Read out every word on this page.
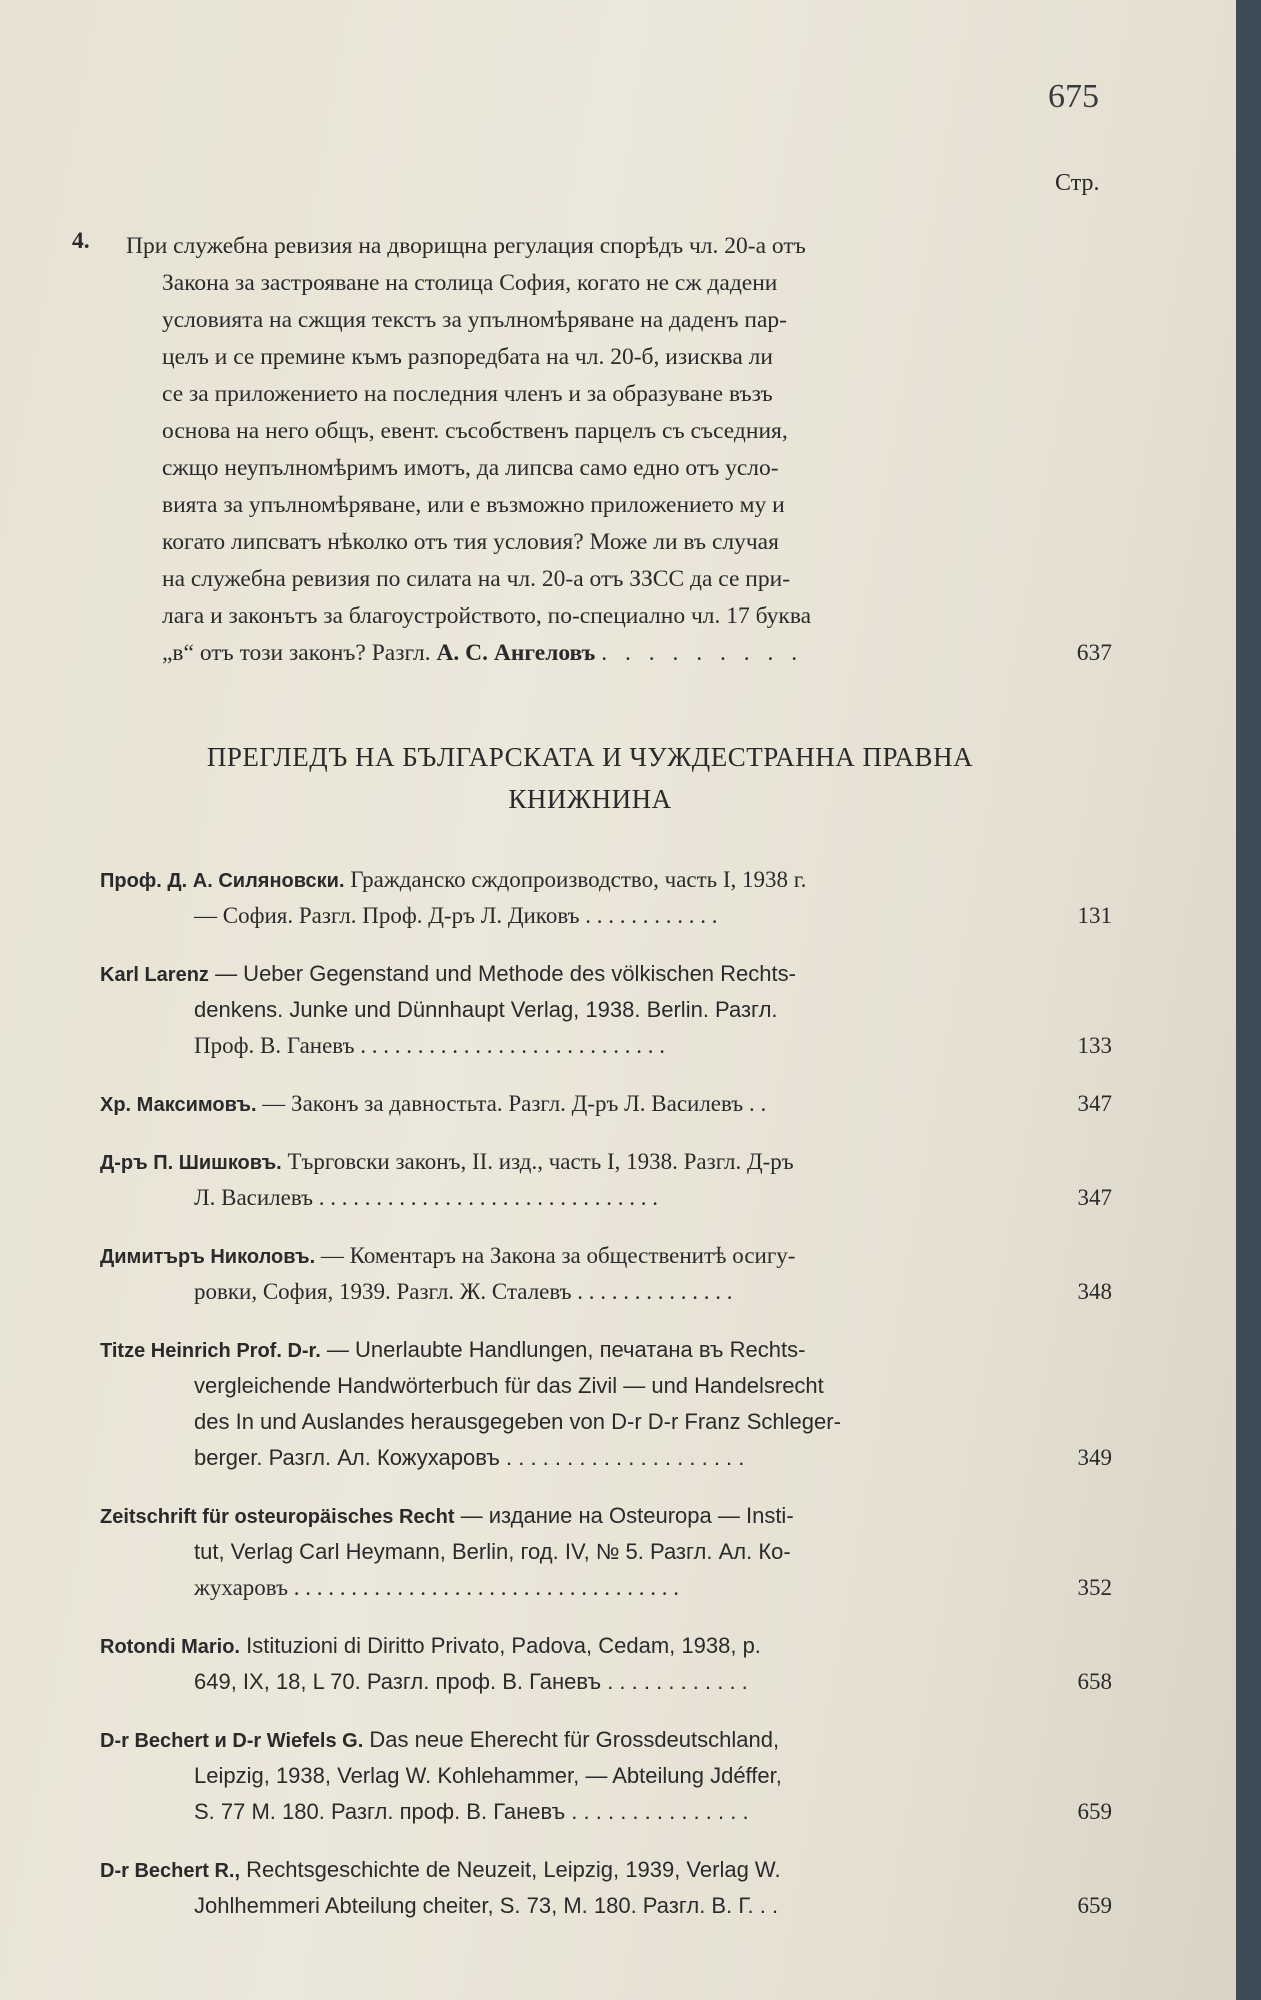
675
Стр.
4. При служебна ревизия на дворищна регулация спорѣдъ чл. 20-а отъ
Закона за застрояване на столица София, когато не сж дадени
условията на сжщия текстъ за упълномѣряване на даденъ пар-
целъ и се премине къмъ разпоредбата на чл. 20-б, изисква ли
се за приложението на последния членъ и за образуване възъ
основа на него общъ, евент. съсобственъ парцелъ съ съседния,
сжщо неупълномѣримъ имотъ, да липсва само едно отъ усло-
вията за упълномѣряване, или е възможно приложението му и
когато липсватъ нѣколко отъ тия условия? Може ли въ случая
на служебна ревизия по силата на чл. 20-а отъ ЗЗСС да се при-
лага и законътъ за благоустройството, по-специално чл. 17 буква
„в“ отъ този законъ? Разгл. А. С. Ангеловъ . . . . . . . . .	637
ПРЕГЛЕДЪ НА БЪЛГАРСКАТА И ЧУЖДЕСТРАННА ПРАВНА
КНИЖНИНА
Проф. Д. А. Силяновски. Гражданско сждопроизводство, часть I, 1938 г.
— София. Разгл. Проф. Д-ръ Л. Диковъ . . . . . . . . . . . .	131
Karl Larenz — Ueber Gegenstand und Methode des völkischen Rechts-
denkens. Junke und Dünnhaupt Verlag, 1938. Berlin. Разгл.
Проф. В. Ганевъ . . . . . . . . . . . . . . . . . . . . . . . . . . .	133
Хр. Максимовъ. — Законъ за давностьта. Разгл. Д-ръ Л. Василевъ . .	347
Д-ръ П. Шишковъ. Търговски законъ, II. изд., часть I, 1938. Разгл. Д-ръ
Л. Василевъ . . . . . . . . . . . . . . . . . . . . . . . . . . . . . .	347
Димитъръ Николовъ. — Коментаръ на Закона за общественитѣ осигу-
ровки, София, 1939. Разгл. Ж. Сталевъ . . . . . . . . . . . . . .	348
Titze Heinrich Prof. D-r. — Unerlaubte Handlungen, печатана въ Rechts-
vergleichende Handwörterbuch für das Zivil — und Handelsrecht
des In und Auslandes herausgegeben von D-r D-r Franz Schleger-
berger. Разгл. Ал. Кожухаровъ . . . . . . . . . . . . . . . . . . . .	349
Zeitschrift für osteuropäisches Recht — издание на Osteuropa — Insti-
tut, Verlag Carl Heymann, Berlin, год. IV, № 5. Разгл. Ал. Ко-
жухаровъ . . . . . . . . . . . . . . . . . . . . . . . . . . . . . . . . . .	352
Rotondi Mario. Istituzioni di Diritto Privato, Padova, Cedam, 1938, p.
649, IX, 18, L 70. Разгл. проф. В. Ганевъ . . . . . . . . . . . .	658
D-r Bechert и D-r Wiefels G. Das neue Eherecht für Grossdeutschland,
Leipzig, 1938, Verlag W. Kohlehammer, — Abteilung Jdéffer,
S. 77 M. 180. Разгл. проф. В. Ганевъ . . . . . . . . . . . . . . .	659
D-r Bechert R., Rechtsgeschichte de Neuzeit, Leipzig, 1939, Verlag W.
Johlhemmeri Abteilung cheiter, S. 73, M. 180. Разгл. В. Г. . .	659
